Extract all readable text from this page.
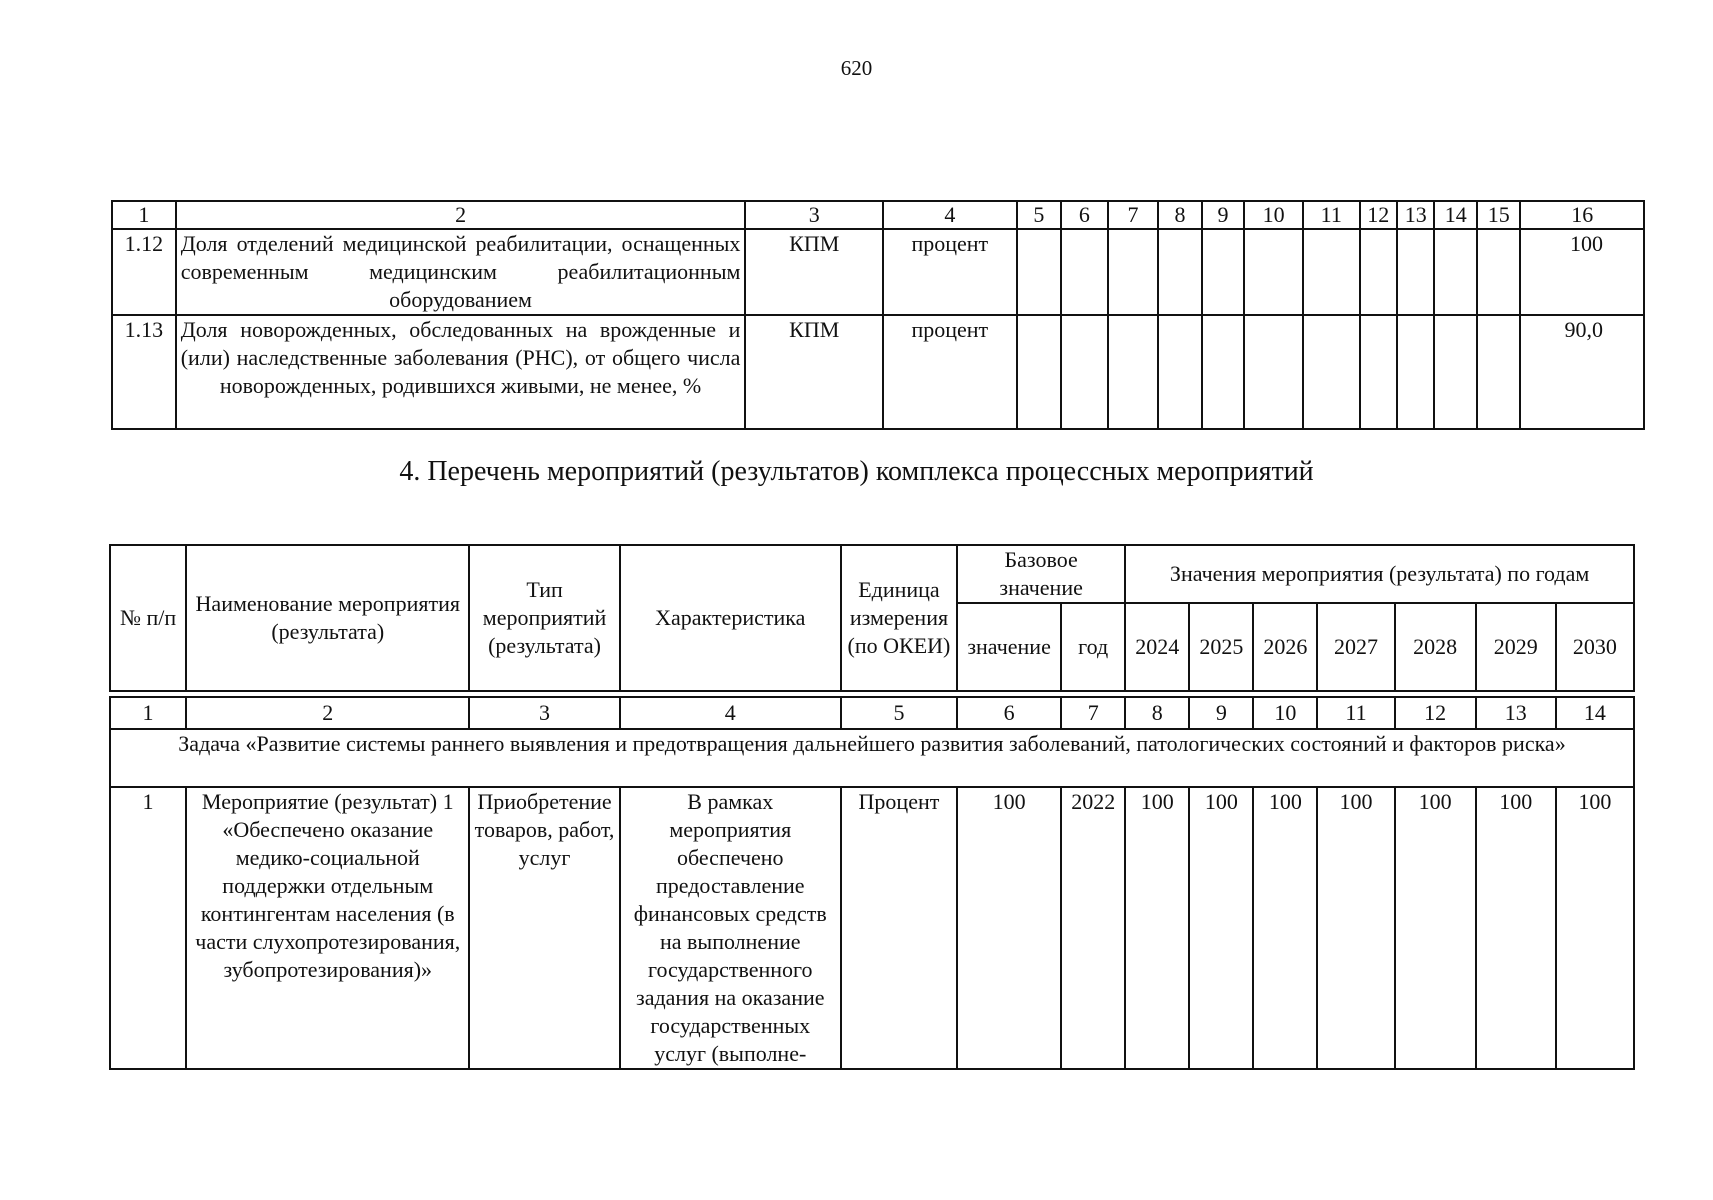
620
1	2	3	4	5	6	7	8	9	10	11	12	13	14	15	16
1.12	Доля отделений медицинской реабилитации, оснащенных современным медицинским реабилитационным оборудованием	КПМ	процент												100
1.13	Доля новорожденных, обследованных на врожденные и (или) наследственные заболевания (РНС), от общего числа новорожденных, родившихся живыми, не менее, %	КПМ	процент												90,0
4. Перечень мероприятий (результатов) комплекса процессных мероприятий
№ п/п	Наименование мероприятия (результата)	Тип мероприятий (результата)	Характеристика	Единица измерения (по ОКЕИ)	Базовое значение		Значения мероприятия (результата) по годам						
					значение	год	2024	2025	2026	2027	2028	2029	2030

1	2	3	4	5	6	7	8	9	10	11	12	13	14
Задача «Развитие системы раннего выявления и предотвращения дальнейшего развития заболеваний, патологических состояний и факторов риска»													
1	Мероприятие (результат) 1 «Обеспечено оказание медико-социальной поддержки отдельным контингентам населения (в части слухопротезирования, зубопротезирования)»	Приобретение товаров, работ, услуг	В рамках мероприятия обеспечено предоставление финансовых средств на выполнение государственного задания на оказание государственных услуг (выполне-	Процент	100	2022	100	100	100	100	100	100	100
